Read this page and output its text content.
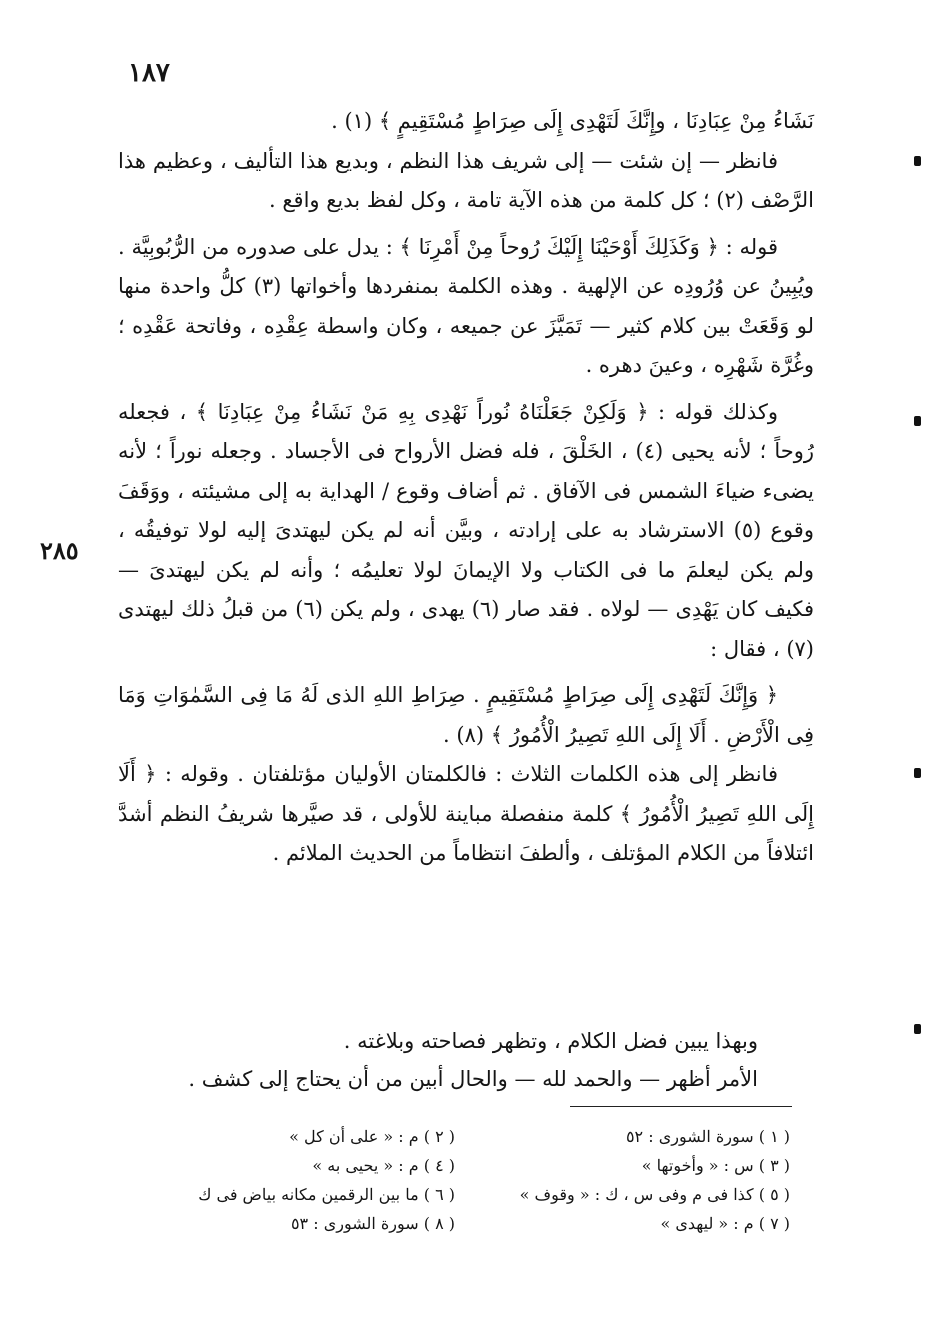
١٨٧
٢٨٥

نَشَاءُ مِنْ عِبَادِنَا ، وإِنَّكَ لَتَهْدِى إِلَى صِرَاطٍ مُسْتَقِيمٍ ﴾ (١) .

فانظر — إن شئت — إلى شريف هذا النظم ، وبديع هذا التأليف ، وعظيم هذا الرَّصْف (٢) ؛ كل كلمة من هذه الآية تامة ، وكل لفظ بديع واقع .

قوله : ﴿ وَكَذَلِكَ أَوْحَيْنَا إِلَيْكَ رُوحاً مِنْ أَمْرِنَا ﴾ : يدل على صدوره من الرُّبُوبِيَّة . ويُبِينُ عن وُرُودِه عن الإلهية . وهذه الكلمة بمنفردها وأخواتها (٣) كلُّ واحدة منها لو وَقَعَتْ بين كلام كثير — تَمَيَّزَ عن جميعه ، وكان واسطة عِقْدِه ، وفاتحة عَقْدِه ؛ وغُرَّة شَهْرِه ، وعينَ دهره .

وكذلك قوله : ﴿ وَلَكِنْ جَعَلْنَاهُ نُوراً نَهْدِى بِهِ مَنْ نَشَاءُ مِنْ عِبَادِنَا ﴾ ، فجعله رُوحاً ؛ لأنه يحيى (٤) ، الخَلْقَ ، فله فضل الأرواح فى الأجساد . وجعله نوراً ؛ لأنه يضىء ضياءَ الشمس فى الآفاق . ثم أضاف وقوع / الهداية به إلى مشيئته ، ووَقَفَ وقوع (٥) الاسترشاد به على إرادته ، وبيَّن أنه لم يكن ليهتدىَ إليه لولا توفيقُه ، ولم يكن ليعلمَ ما فى الكتاب ولا الإيمانَ لولا تعليمُه ؛ وأنه لم يكن ليهتدىَ — فكيف كان يَهْدِى — لولاه . فقد صار (٦) يهدى ، ولم يكن (٦) من قبلُ ذلك ليهتدى (٧) ، فقال :

﴿ وَإِنَّكَ لَتَهْدِى إِلَى صِرَاطٍ مُسْتَقِيمٍ . صِرَاطِ اللهِ الذى لَهُ مَا فِى السَّمٰوَاتِ وَمَا فِى الْأَرْضِ . أَلَا إِلَى اللهِ تَصِيرُ الْأُمُورُ ﴾ (٨) .

فانظر إلى هذه الكلمات الثلاث : فالكلمتان الأوليان مؤتلفتان . وقوله : ﴿ أَلَا إِلَى اللهِ تَصِيرُ الْأُمُورُ ﴾ كلمة منفصلة مباينة للأولى ، قد صيَّرها شريفُ النظم أشدَّ ائتلافاً من الكلام المؤتلف ، وألطفَ انتظاماً من الحديث الملائم .

وبهذا يبين فضل الكلام ، وتظهر فصاحته وبلاغته .

الأمر أظهر — والحمد لله — والحال أبين من أن يحتاج إلى كشف .

( ١ ) سورة الشورى : ٥٢
( ٢ ) م : « على أن كل »
( ٣ ) س : « وأخوتها »
( ٤ ) م : « يحيى به »
( ٥ ) كذا فى م وفى س ، ك : « وقوف »
( ٦ ) ما بين الرقمين مكانه بياض فى ك
( ٧ ) م : « ليهدى »
( ٨ ) سورة الشورى : ٥٣
